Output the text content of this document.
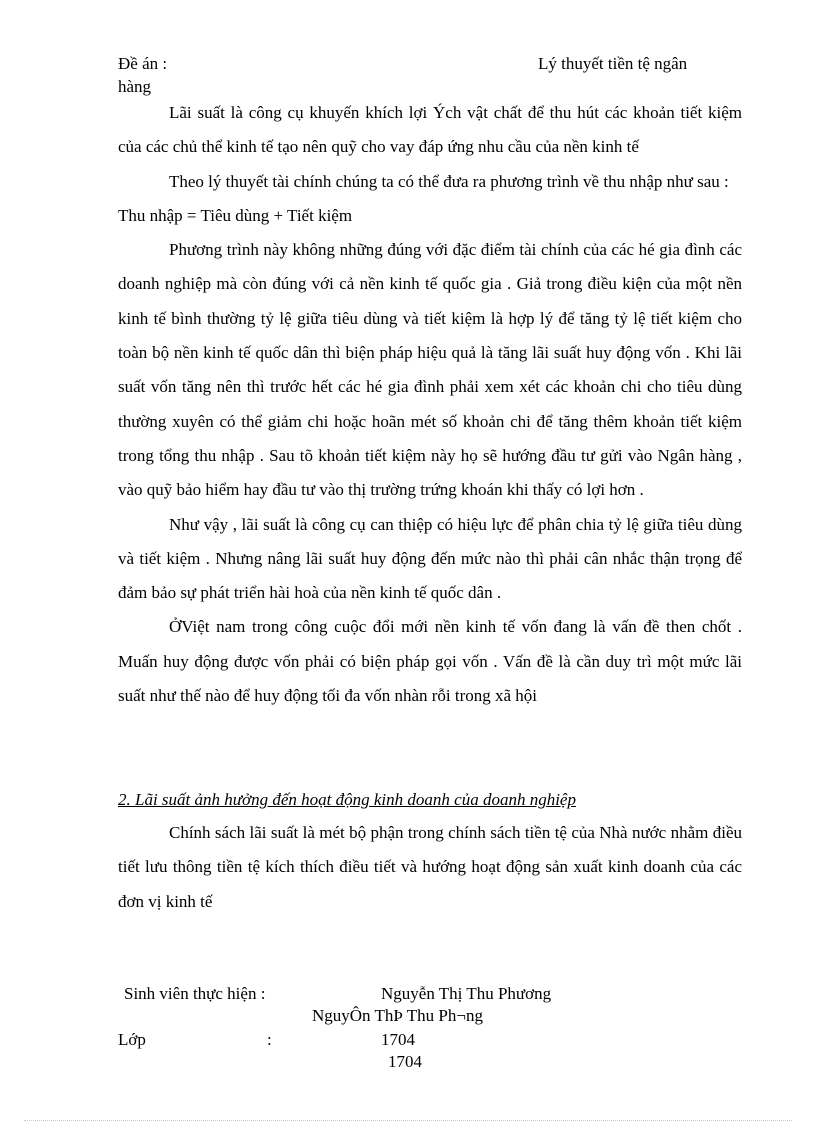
Đề án :	Lý thuyết tiền tệ ngân
hàng

Lãi suất là công cụ khuyến khích lợi Ých vật chất để thu hút các khoản tiết kiệm của các chủ thể kinh tế tạo nên quỹ cho vay đáp ứng nhu cầu của nền kinh tế

Theo lý thuyết tài chính chúng ta có thể đưa ra phương trình về thu nhập như sau :

Thu nhập = Tiêu dùng + Tiết kiệm

Phương trình này không những đúng với đặc điểm tài chính của các hé gia đình các doanh nghiệp mà còn đúng với cả nền kinh tế quốc gia . Giả trong điều kiện của một nền kinh tế bình thường tỷ lệ giữa tiêu dùng và tiết kiệm là hợp lý để tăng tỷ lệ tiết kiệm cho toàn bộ nền kinh tế quốc dân thì biện pháp hiệu quả là tăng lãi suất huy động vốn . Khi lãi suất vốn tăng nên thì trước hết các hé gia đình phải xem xét các khoản chi cho tiêu dùng thường xuyên có thể giảm chi hoặc hoãn mét số khoản chi để tăng thêm khoản tiết kiệm trong tổng thu nhập . Sau tõ khoản tiết kiệm này họ sẽ hướng đầu tư gửi vào Ngân hàng , vào quỹ bảo hiểm hay đầu tư vào thị trường trứng khoán khi thấy có lợi hơn .

Như vậy , lãi suất là công cụ can thiệp có hiệu lực để phân chia tỷ lệ giữa tiêu dùng và tiết kiệm . Nhưng nâng lãi suất huy động đến mức nào thì phải cân nhắc thận trọng để đảm bảo sự phát triển hài hoà của nền kinh tế quốc dân .

ỞViệt nam trong công cuộc đổi mới nền kinh tế vốn đang là vấn đề then chốt . Muấn huy động được vốn phải có biện pháp gọi vốn . Vấn đề là cần duy trì một mức lãi suất như thế nào để huy động tối đa vốn nhàn rỗi trong xã hội

2. Lãi suất ảnh hưởng đến hoạt động kinh doanh của doanh nghiệp

Chính sách lãi suất là mét bộ phận trong chính sách tiền tệ của Nhà nước nhằm điều tiết lưu thông tiền tệ kích thích điều tiết và hướng hoạt động sản xuất kinh doanh của các đơn vị kinh tế

Sinh viên thực hiện :	Nguyễn Thị Thu Phương
NguyÔn ThÞ Thu Ph¬ng
Lớp	:	1704
1704
